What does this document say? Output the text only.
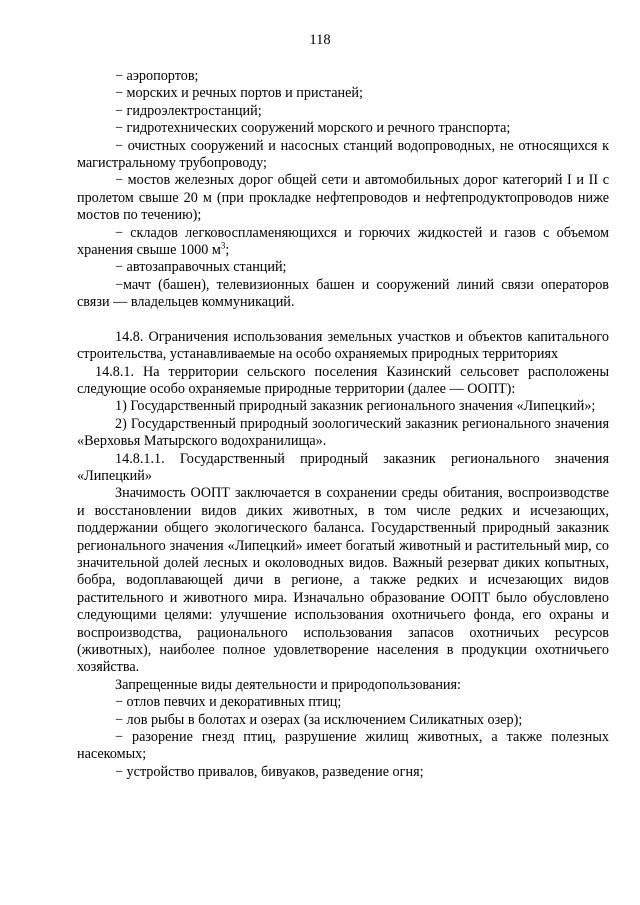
118

− аэропортов;

− морских и речных портов и пристаней;

− гидроэлектростанций;

− гидротехнических сооружений морского и речного транспорта;

− очистных сооружений и насосных станций водопроводных, не относящихся к магистральному трубопроводу;

− мостов железных дорог общей сети и автомобильных дорог категорий I и II с пролетом свыше 20 м (при прокладке нефтепроводов и нефтепродуктопроводов ниже мостов по течению);

− складов легковоспламеняющихся и горючих жидкостей и газов с объемом хранения свыше 1000 $м^3$;

− автозаправочных станций;

−мачт (башен), телевизионных башен и сооружений линий связи операторов связи — владельцев коммуникаций.

14.8. Ограничения использования земельных участков и объектов капитального строительства, устанавливаемые на особо охраняемых природных территориях

14.8.1. На территории сельского поселения Казинский сельсовет расположены следующие особо охраняемые природные территории (далее — ООПТ):

1) Государственный природный заказник регионального значения «Липецкий»;

2) Государственный природный зоологический заказник регионального значения «Верховья Матырского водохранилища».

14.8.1.1. Государственный природный заказник регионального значения «Липецкий»

Значимость ООПТ заключается в сохранении среды обитания, воспроизводстве и восстановлении видов диких животных, в том числе редких и исчезающих, поддержании общего экологического баланса. Государственный природный заказник регионального значения «Липецкий» имеет богатый животный и растительный мир, со значительной долей лесных и околоводных видов. Важный резерват диких копытных, бобра, водоплавающей дичи в регионе, а также редких и исчезающих видов растительного и животного мира. Изначально образование ООПТ было обусловлено следующими целями: улучшение использования охотничьего фонда, его охраны и воспроизводства, рационального использования запасов охотничьих ресурсов (животных), наиболее полное удовлетворение населения в продукции охотничьего хозяйства.

Запрещенные виды деятельности и природопользования:

− отлов певчих и декоративных птиц;

− лов рыбы в болотах и озерах (за исключением Силикатных озер);

− разорение гнезд птиц, разрушение жилищ животных, а также полезных насекомых;

− устройство привалов, бивуаков, разведение огня;
